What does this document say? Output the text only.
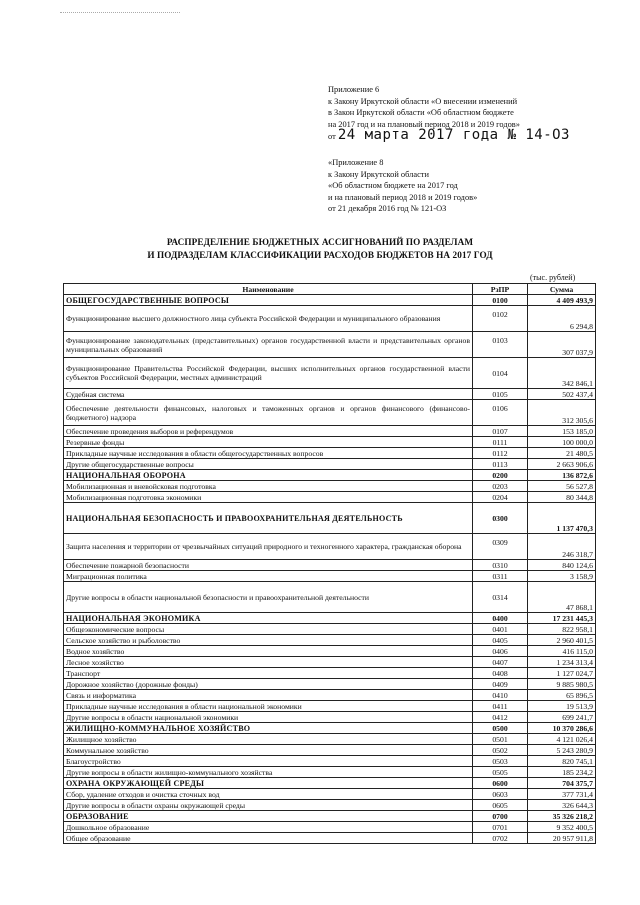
Приложение 6
к Закону Иркутской области «О внесении изменений
в Закон Иркутской области «Об областном бюджете
на 2017 год и на плановый период 2018 и 2019 годов»
от 24 марта 2017 года № 14-ОЗ
«Приложение 8
к Закону Иркутской области
«Об областном бюджете на 2017 год
и на плановый период 2018 и 2019 годов»
от 21 декабря 2016 год № 121-ОЗ
РАСПРЕДЕЛЕНИЕ БЮДЖЕТНЫХ АССИГНОВАНИЙ ПО РАЗДЕЛАМ
И ПОДРАЗДЕЛАМ КЛАССИФИКАЦИИ РАСХОДОВ БЮДЖЕТОВ НА 2017 ГОД
(тыс. рублей)
Наименование	РзПР	Сумма
ОБЩЕГОСУДАРСТВЕННЫЕ ВОПРОСЫ	0100	4 409 493,9
Функционирование высшего должностного лица субъекта Российской Федерации и муниципального образования	0102	6 294,8
Функционирование законодательных (представительных) органов государственной власти и представительных органов муниципальных образований	0103	307 037,9
Функционирование Правительства Российской Федерации, высших исполнительных органов государственной власти субъектов Российской Федерации, местных администраций	0104	342 846,1
Судебная система	0105	502 437,4
Обеспечение деятельности финансовых, налоговых и таможенных органов и органов финансового (финансово-бюджетного) надзора	0106	312 305,6
Обеспечение проведения выборов и референдумов	0107	153 185,0
Резервные фонды	0111	100 000,0
Прикладные научные исследования в области общегосударственных вопросов	0112	21 480,5
Другие общегосударственные вопросы	0113	2 663 906,6
НАЦИОНАЛЬНАЯ ОБОРОНА	0200	136 872,6
Мобилизационная и вневойсковая подготовка	0203	56 527,8
Мобилизационная подготовка экономики	0204	80 344,8
НАЦИОНАЛЬНАЯ БЕЗОПАСНОСТЬ И ПРАВООХРАНИТЕЛЬНАЯ ДЕЯТЕЛЬНОСТЬ	0300	1 137 470,3
Защита населения и территории от чрезвычайных ситуаций природного и техногенного характера, гражданская оборона	0309	246 318,7
Обеспечение пожарной безопасности	0310	840 124,6
Миграционная политика	0311	3 158,9
Другие вопросы в области национальной безопасности и правоохранительной деятельности	0314	47 868,1
НАЦИОНАЛЬНАЯ ЭКОНОМИКА	0400	17 231 445,3
Общеэкономические вопросы	0401	822 958,1
Сельское хозяйство и рыболовство	0405	2 960 401,5
Водное хозяйство	0406	416 115,0
Лесное хозяйство	0407	1 234 313,4
Транспорт	0408	1 127 024,7
Дорожное хозяйство (дорожные фонды)	0409	9 885 980,5
Связь и информатика	0410	65 896,5
Прикладные научные исследования в области национальной экономики	0411	19 513,9
Другие вопросы в области национальной экономики	0412	699 241,7
ЖИЛИЩНО-КОММУНАЛЬНОЕ ХОЗЯЙСТВО	0500	10 370 286,6
Жилищное хозяйство	0501	4 121 026,4
Коммунальное хозяйство	0502	5 243 280,9
Благоустройство	0503	820 745,1
Другие вопросы в области жилищно-коммунального хозяйства	0505	185 234,2
ОХРАНА ОКРУЖАЮЩЕЙ СРЕДЫ	0600	704 375,7
Сбор, удаление отходов и очистка сточных вод	0603	377 731,4
Другие вопросы в области охраны окружающей среды	0605	326 644,3
ОБРАЗОВАНИЕ	0700	35 326 218,2
Дошкольное образование	0701	9 352 400,5
Общее образование	0702	20 957 911,8
